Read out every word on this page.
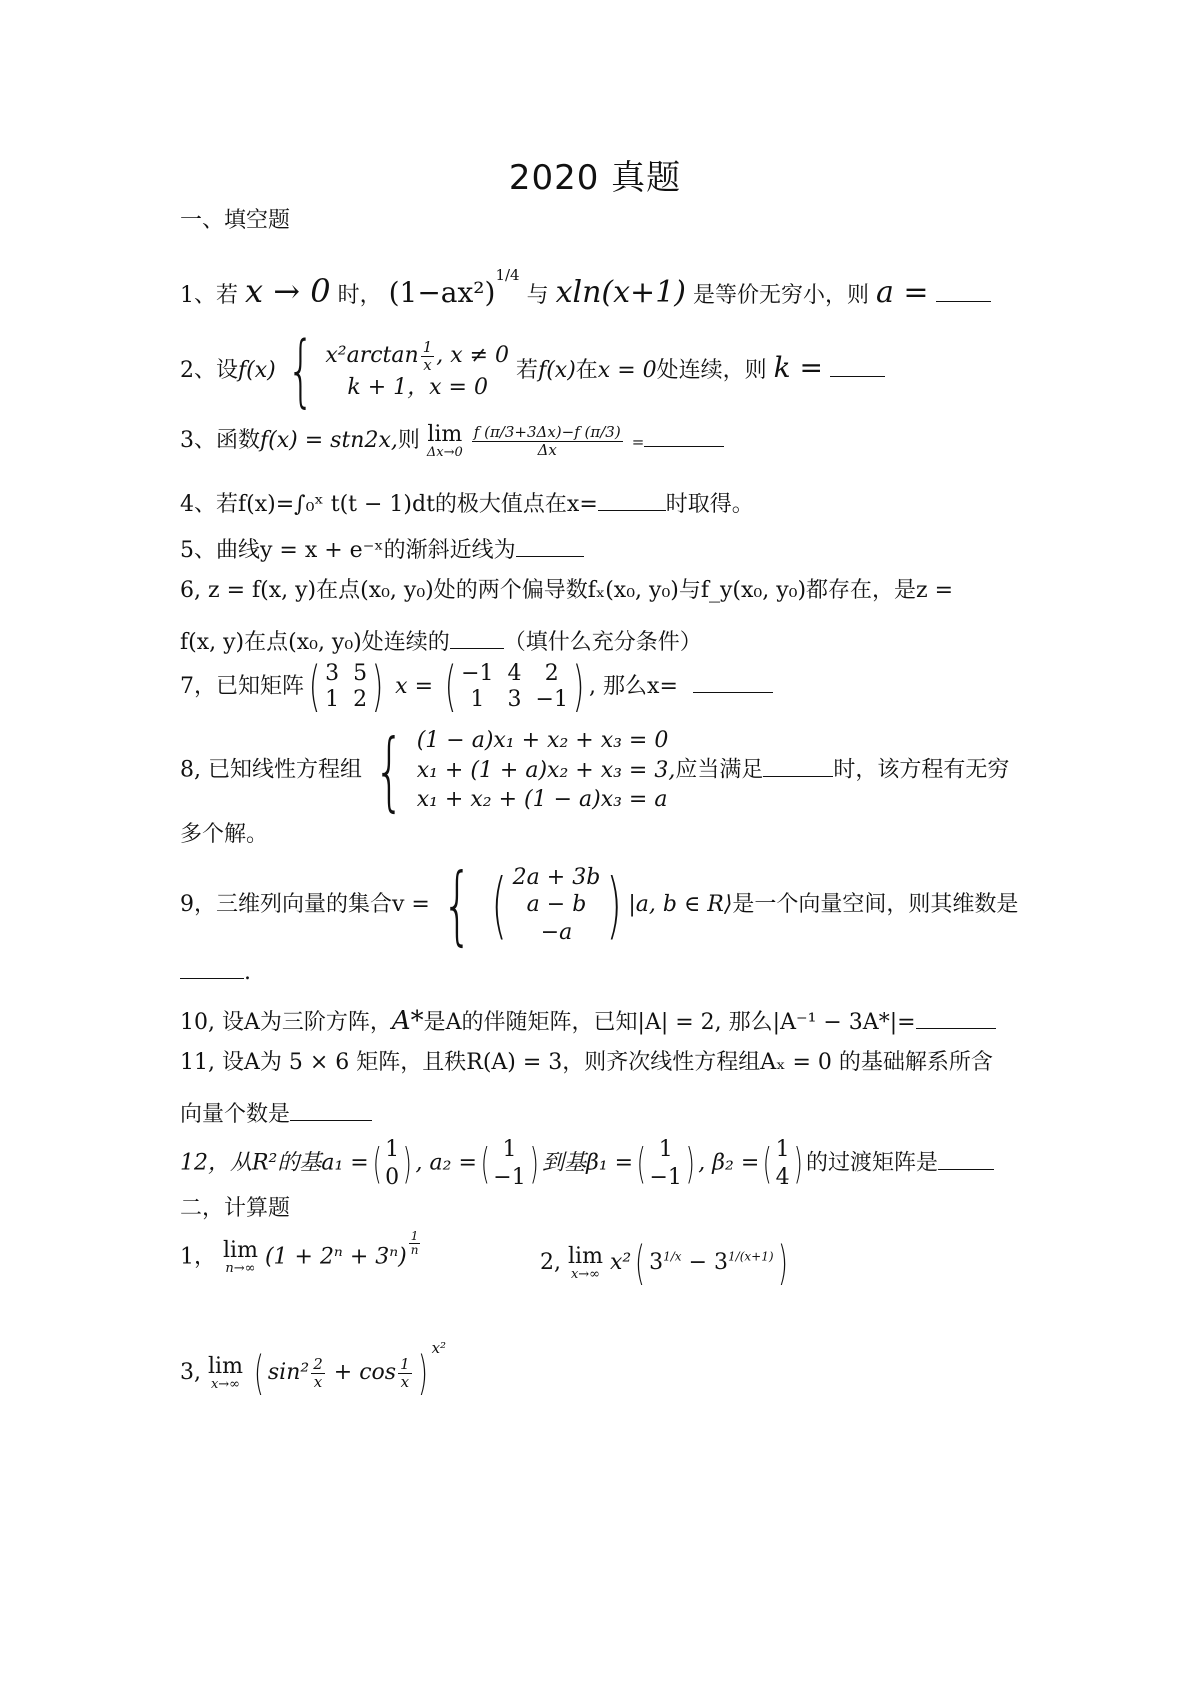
2020 真题
一、填空题
1、若 x → 0 时， $(1-ax^2)^{1/4}$ 与 xln(x+1) 是等价无穷小，则 a =
2、设f(x) { $x^2\arctan \frac{1}{x}$ , x ≠ 0
k + 1，x = 0
若f(x)在x = 0处连续，则 k =
3、函数f(x) = stn2x,则 lim
Δx→0
$\frac{f (\pi/3+3\Delta x)-f (\pi/3)}{\Delta x}$ =
4、若f(x)=∫₀ˣ t(t − 1)dt的极大值点在x=	时取得。
5、曲线y = x + e⁻ˣ的渐斜近线为
6, z = f(x, y)在点(x₀, y₀)处的两个偏导数fₓ(x₀, y₀)与f_y(x₀, y₀)都存在，是z =
f(x, y)在点(x₀, y₀)处连续的 （填什么充分条件）
7，已知矩阵( 3 5
1 2 ) x = ( −1 4	2
1	3 −1 ) , 那么x=
8, 已知线性方程组 { (1 − a)x₁ + x₂ + x₃ = 0
x₁ + (1 + a)x₂ + x₃ = 3,
x₁ + x₂ + (1 − a)x₃ = a
应当满足	时，该方程有无穷
多个解。
9，三维列向量的集合v = { ( 2a + 3b
a − b
−a ) |a, b ∈ R⟩是一个向量空间，则其维数是
.
10, 设A为三阶方阵，A*是A的伴随矩阵，已知|A| = 2, 那么|A⁻¹ − 3A*|=
11, 设A为 5 × 6 矩阵，且秩R(A) = 3，则齐次线性方程组Aₓ = 0 的基础解系所含
向量个数是
12，从R²的基a₁ =( 1
0 ) , a₂ =( 1
−1 ) 到基β₁ =( 1
−1 ) , β₂ =( 1
4 ) 的过渡矩阵是
二，计算题
1， lim
n→∞ $(1 + 2^n + 3^n) \frac{1}{n}$
2, lim
x→∞ x²( $3^{1/x} - 3^{1/(x+1)}$)
3, lim
x→∞ ( $\sin^2 \frac{2}{x} + \cos \frac{1}{x}$ ) $^{x^2}$
